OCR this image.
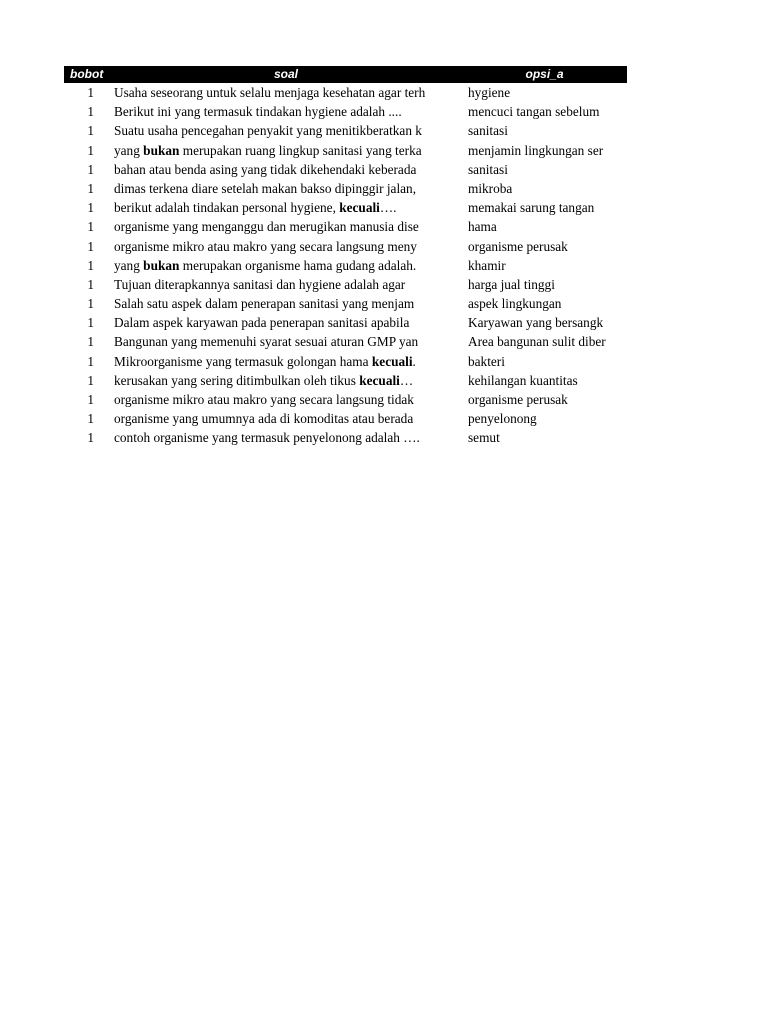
bobot	soal	opsi_a
1 Usaha seseorang untuk selalu menjaga kesehatan agar terh	hygiene
1 Berikut ini yang termasuk tindakan hygiene adalah ....	mencuci tangan sebelum
1 Suatu usaha pencegahan penyakit yang menitikberatkan k	sanitasi
1 yang bukan merupakan ruang lingkup sanitasi yang terka	menjamin lingkungan ser
1 bahan atau benda asing yang tidak dikehendaki keberada	sanitasi
1 dimas terkena diare setelah makan bakso dipinggir jalan,	mikroba
1 berikut adalah tindakan personal hygiene, kecuali….	memakai sarung tangan
1 organisme yang menganggu dan merugikan manusia dise	hama
1 organisme mikro atau makro yang secara langsung meny	organisme perusak
1 yang bukan merupakan organisme hama gudang adalah.	khamir
1 Tujuan diterapkannya sanitasi dan hygiene adalah agar	harga jual tinggi
1 Salah satu aspek dalam penerapan sanitasi yang menjam	aspek lingkungan
1 Dalam aspek karyawan pada penerapan sanitasi apabila	Karyawan yang bersangk
1 Bangunan yang memenuhi syarat sesuai aturan GMP yan	Area bangunan sulit diber
1 Mikroorganisme yang termasuk golongan hama kecuali.	bakteri
1 kerusakan yang sering ditimbulkan oleh tikus kecuali…	kehilangan kuantitas
1 organisme mikro atau makro yang secara langsung tidak	organisme perusak
1 organisme yang umumnya ada di komoditas atau berada	penyelonong
1 contoh organisme yang termasuk penyelonong adalah ….	semut
